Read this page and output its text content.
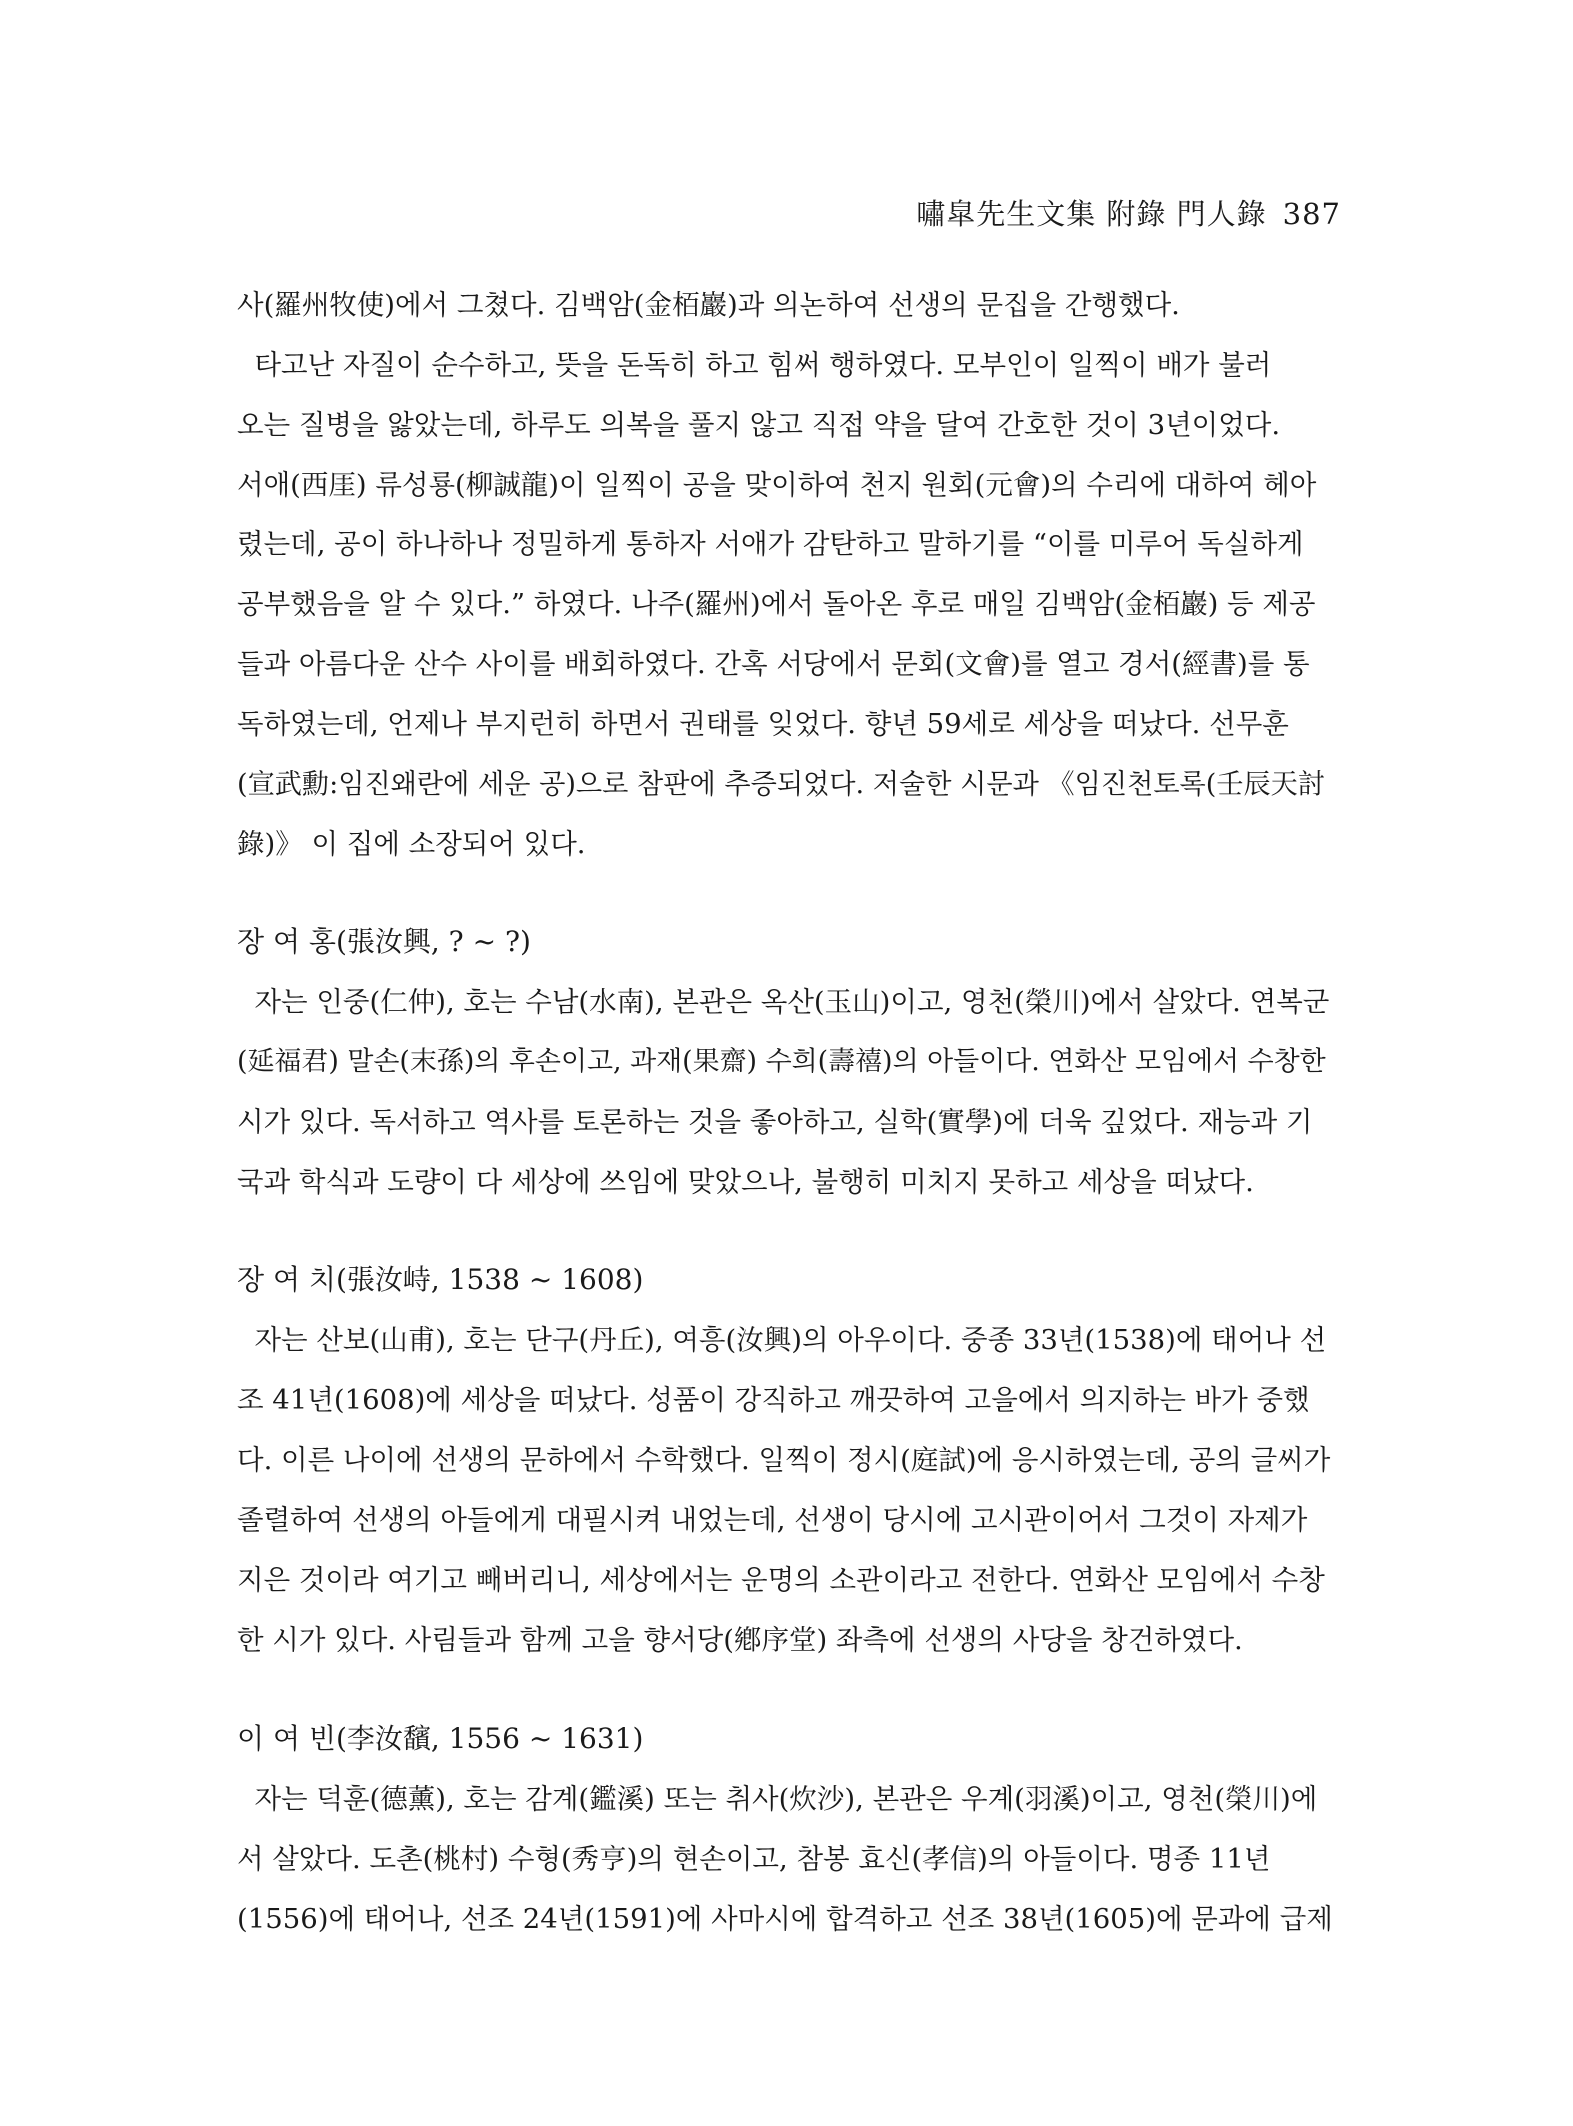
嘯皐先生文集 附錄 門人錄 387
사(羅州牧使)에서 그쳤다. 김백암(金栢巖)과 의논하여 선생의 문집을 간행했다.
타고난 자질이 순수하고, 뜻을 돈독히 하고 힘써 행하였다. 모부인이 일찍이 배가 불러
오는 질병을 앓았는데, 하루도 의복을 풀지 않고 직접 약을 달여 간호한 것이 3년이었다.
서애(西厓) 류성룡(柳誠龍)이 일찍이 공을 맞이하여 천지 원회(元會)의 수리에 대하여 헤아
렸는데, 공이 하나하나 정밀하게 통하자 서애가 감탄하고 말하기를 “이를 미루어 독실하게
공부했음을 알 수 있다.” 하였다. 나주(羅州)에서 돌아온 후로 매일 김백암(金栢巖) 등 제공
들과 아름다운 산수 사이를 배회하였다. 간혹 서당에서 문회(文會)를 열고 경서(經書)를 통
독하였는데, 언제나 부지런히 하면서 권태를 잊었다. 향년 59세로 세상을 떠났다. 선무훈
(宣武勳:임진왜란에 세운 공)으로 참판에 추증되었다. 저술한 시문과 《임진천토록(壬辰天討
錄)》 이 집에 소장되어 있다.
장 여 홍(張汝興, ? ~ ?)
자는 인중(仁仲), 호는 수남(水南), 본관은 옥산(玉山)이고, 영천(榮川)에서 살았다. 연복군
(延福君) 말손(末孫)의 후손이고, 과재(果齋) 수희(壽禧)의 아들이다. 연화산 모임에서 수창한
시가 있다. 독서하고 역사를 토론하는 것을 좋아하고, 실학(實學)에 더욱 깊었다. 재능과 기
국과 학식과 도량이 다 세상에 쓰임에 맞았으나, 불행히 미치지 못하고 세상을 떠났다.
장 여 치(張汝峙, 1538 ~ 1608)
자는 산보(山甫), 호는 단구(丹丘), 여흥(汝興)의 아우이다. 중종 33년(1538)에 태어나 선
조 41년(1608)에 세상을 떠났다. 성품이 강직하고 깨끗하여 고을에서 의지하는 바가 중했
다. 이른 나이에 선생의 문하에서 수학했다. 일찍이 정시(庭試)에 응시하였는데, 공의 글씨가
졸렬하여 선생의 아들에게 대필시켜 내었는데, 선생이 당시에 고시관이어서 그것이 자제가
지은 것이라 여기고 빼버리니, 세상에서는 운명의 소관이라고 전한다. 연화산 모임에서 수창
한 시가 있다. 사림들과 함께 고을 향서당(鄕序堂) 좌측에 선생의 사당을 창건하였다.
이 여 빈(李汝馪, 1556 ~ 1631)
자는 덕훈(德薰), 호는 감계(鑑溪) 또는 취사(炊沙), 본관은 우계(羽溪)이고, 영천(榮川)에
서 살았다. 도촌(桃村) 수형(秀亨)의 현손이고, 참봉 효신(孝信)의 아들이다. 명종 11년
(1556)에 태어나, 선조 24년(1591)에 사마시에 합격하고 선조 38년(1605)에 문과에 급제
